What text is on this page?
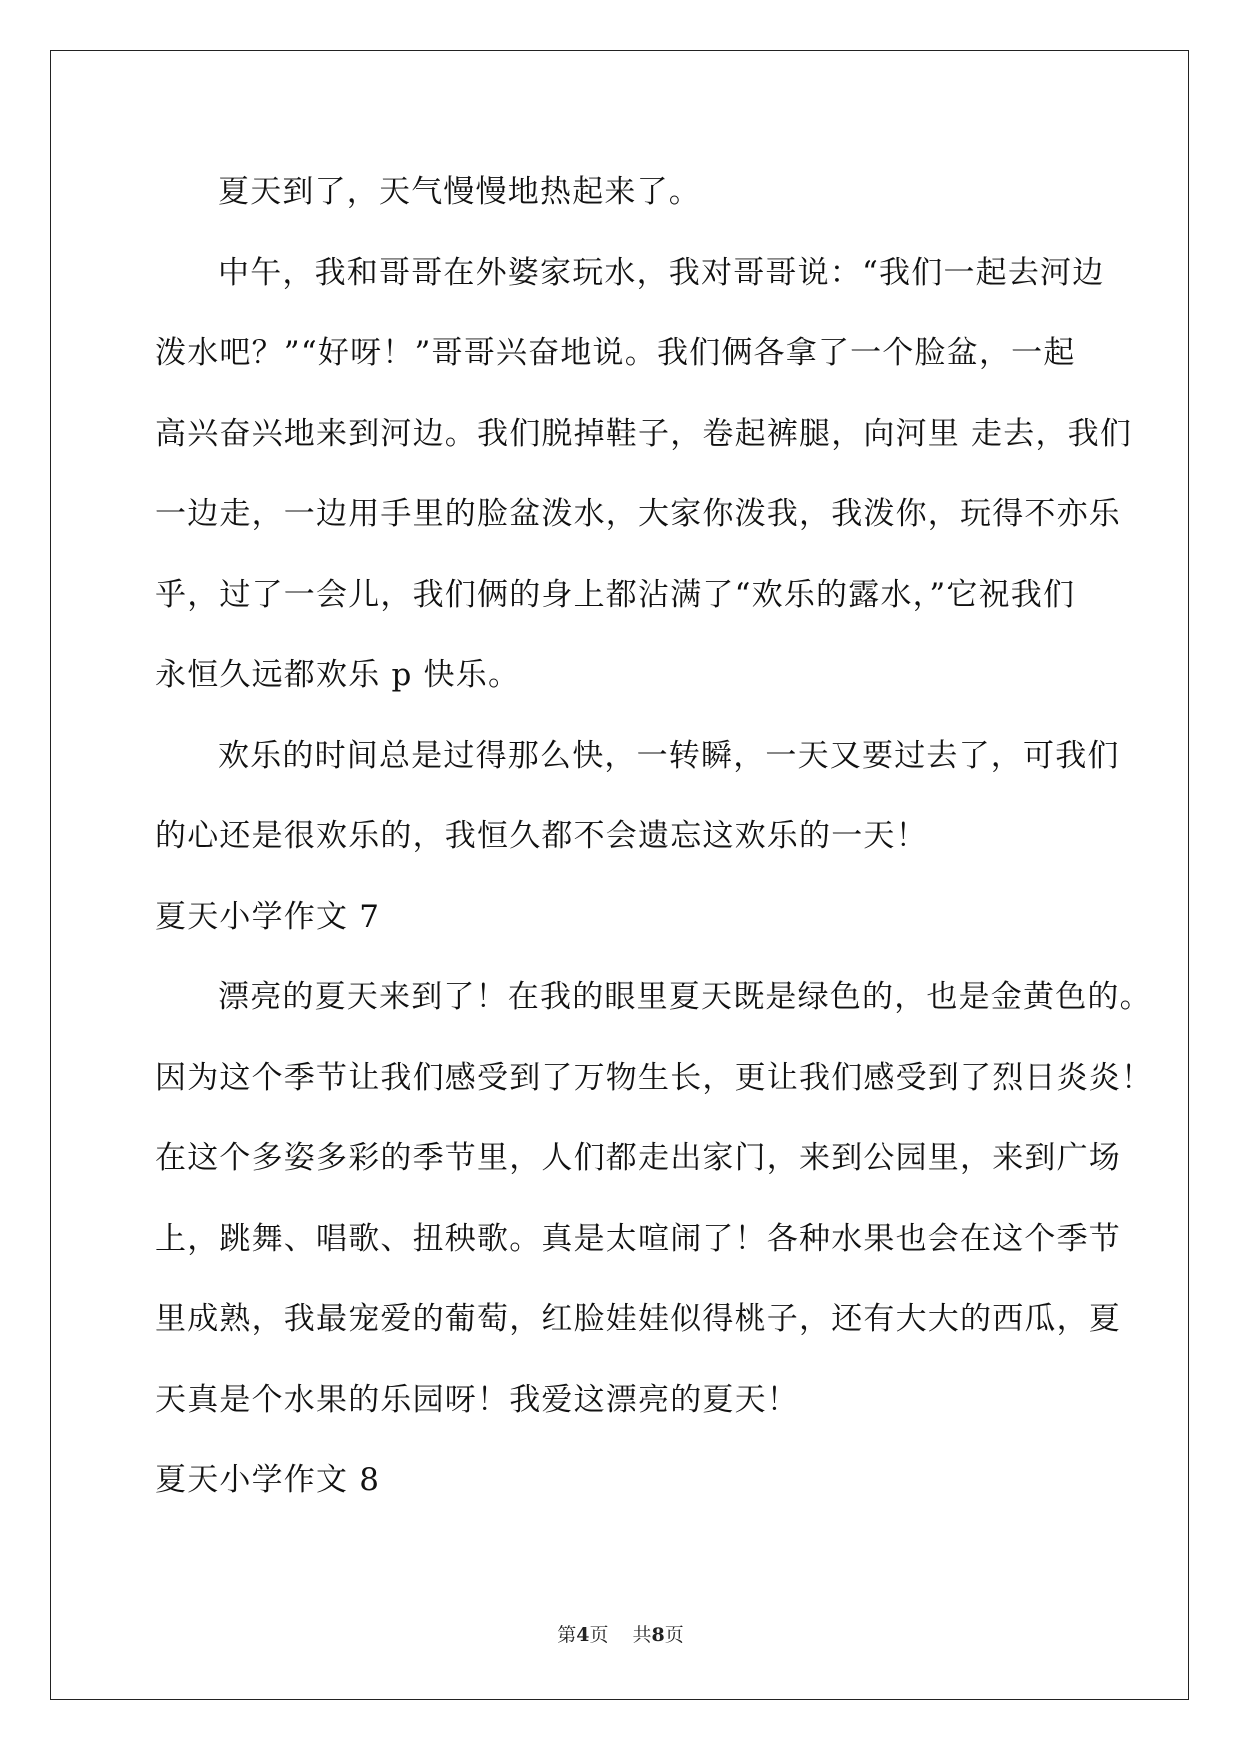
夏天到了，天气慢慢地热起来了。
中午，我和哥哥在外婆家玩水，我对哥哥说：“我们一起去河边
泼水吧？”“好呀！”哥哥兴奋地说。我们俩各拿了一个脸盆，一起
高兴奋兴地来到河边。我们脱掉鞋子，卷起裤腿，向河里 走去，我们
一边走，一边用手里的脸盆泼水，大家你泼我，我泼你，玩得不亦乐
乎，过了一会儿，我们俩的身上都沾满了“欢乐的露水，”它祝我们
永恒久远都欢乐 p 快乐。
欢乐的时间总是过得那么快，一转瞬，一天又要过去了，可我们
的心还是很欢乐的，我恒久都不会遗忘这欢乐的一天！
夏天小学作文 7
漂亮的夏天来到了！在我的眼里夏天既是绿色的，也是金黄色的。
因为这个季节让我们感受到了万物生长，更让我们感受到了烈日炎炎！
在这个多姿多彩的季节里，人们都走出家门，来到公园里，来到广场
上，跳舞、唱歌、扭秧歌。真是太喧闹了！各种水果也会在这个季节
里成熟，我最宠爱的葡萄，红脸娃娃似得桃子，还有大大的西瓜，夏
天真是个水果的乐园呀！我爱这漂亮的夏天！
夏天小学作文 8
第4页 共8页
